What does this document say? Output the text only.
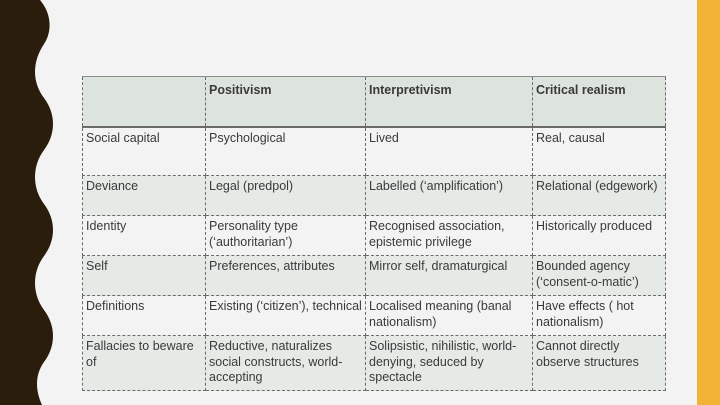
	Positivism	Interpretivism	Critical realism
Social capital	Psychological	Lived	Real, causal
Deviance	Legal (predpol)	Labelled (‘amplification’)	Relational (edgework)
Identity	Personality type (‘authoritarian’)	Recognised association, epistemic privilege	Historically produced
Self	Preferences, attributes	Mirror self, dramaturgical	Bounded agency (‘consent-o-matic’)
Definitions	Existing (‘citizen’), technical	Localised meaning (banal nationalism)	Have effects ( hot nationalism)
Fallacies to beware of	Reductive, naturalizes social constructs, world-accepting	Solipsistic, nihilistic, world-denying, seduced by spectacle	Cannot directly observe structures
